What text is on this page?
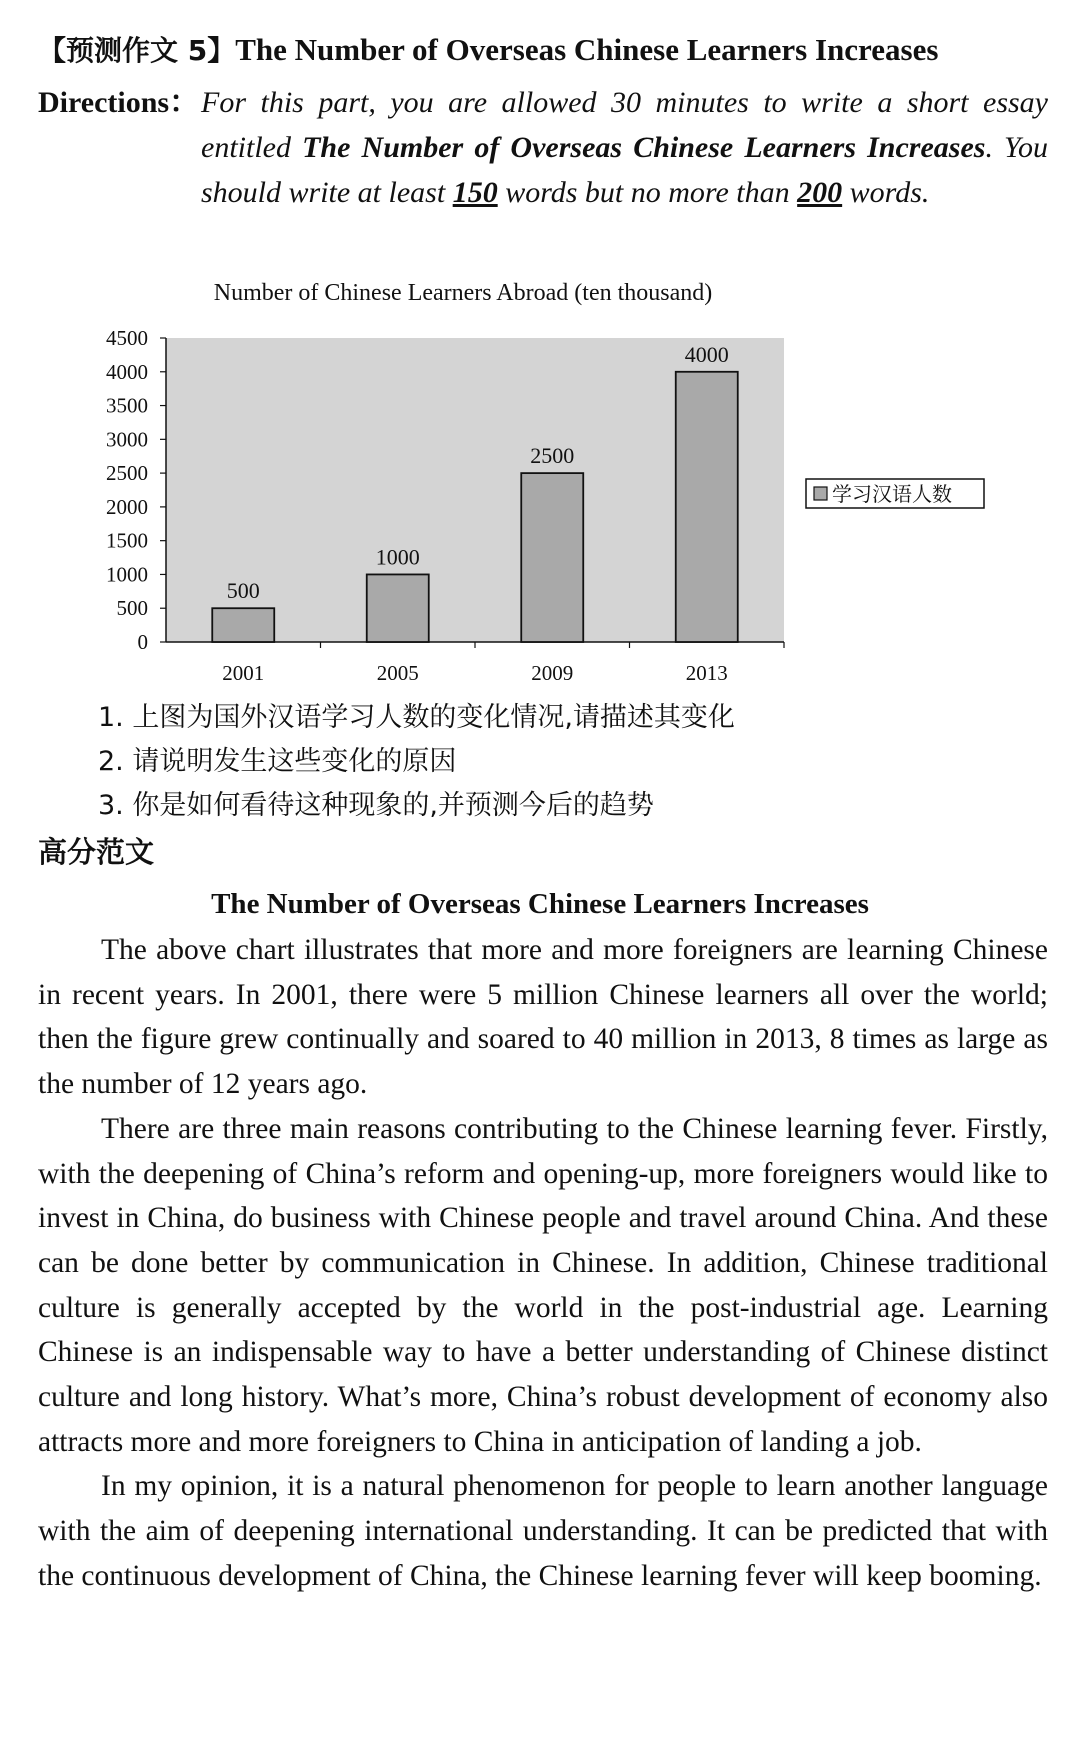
【预测作文 5】The Number of Overseas Chinese Learners Increases
Directions： For this part, you are allowed 30 minutes to write a short essay entitled The Number of Overseas Chinese Learners Increases. You should write at least 150 words but no more than 200 words.
Number of Chinese Learners Abroad (ten thousand)
0
500
1000
1500
2000
2500
3000
3500
4000
4500
500
2001
1000
2005
2500
2009
4000
2013
学习汉语人数
1. 上图为国外汉语学习人数的变化情况,请描述其变化
2. 请说明发生这些变化的原因
3. 你是如何看待这种现象的,并预测今后的趋势
高分范文
The Number of Overseas Chinese Learners Increases

The above chart illustrates that more and more foreigners are learning Chinese in recent years. In 2001, there were 5 million Chinese learners all over the world; then the figure grew continually and soared to 40 million in 2013, 8 times as large as the number of 12 years ago.

There are three main reasons contributing to the Chinese learning fever. Firstly, with the deepening of China’s reform and opening-up, more foreigners would like to invest in China, do business with Chinese people and travel around China. And these can be done better by communication in Chinese. In addition, Chinese traditional culture is generally accepted by the world in the post-industrial age. Learning Chinese is an indispensable way to have a better understanding of Chinese distinct culture and long history. What’s more, China’s robust development of economy also attracts more and more foreigners to China in anticipation of landing a job.

In my opinion, it is a natural phenomenon for people to learn another language with the aim of deepening international understanding. It can be predicted that with the continuous development of China, the Chinese learning fever will keep booming.
